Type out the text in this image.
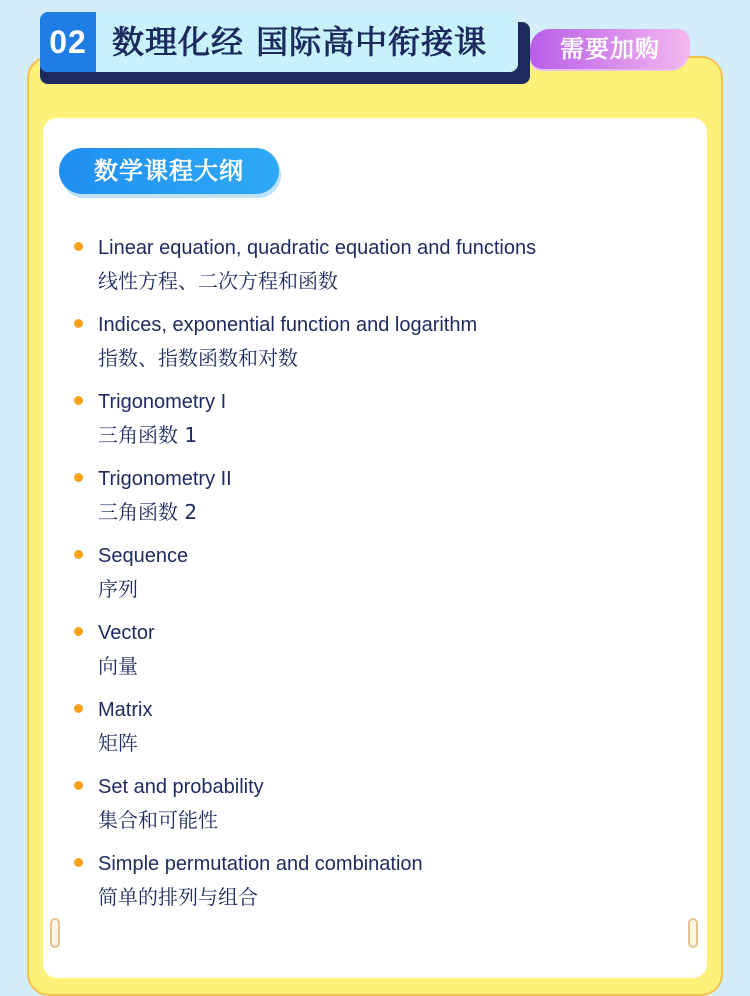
02 数理化经 国际高中衔接课	需要加购
数学课程大纲
Linear equation, quadratic equation and functions
线性方程、二次方程和函数
Indices, exponential function and logarithm
指数、指数函数和对数
Trigonometry I
三角函数 1
Trigonometry II
三角函数 2
Sequence
序列
Vector
向量
Matrix
矩阵
Set and probability
集合和可能性
Simple permutation and combination
简单的排列与组合
